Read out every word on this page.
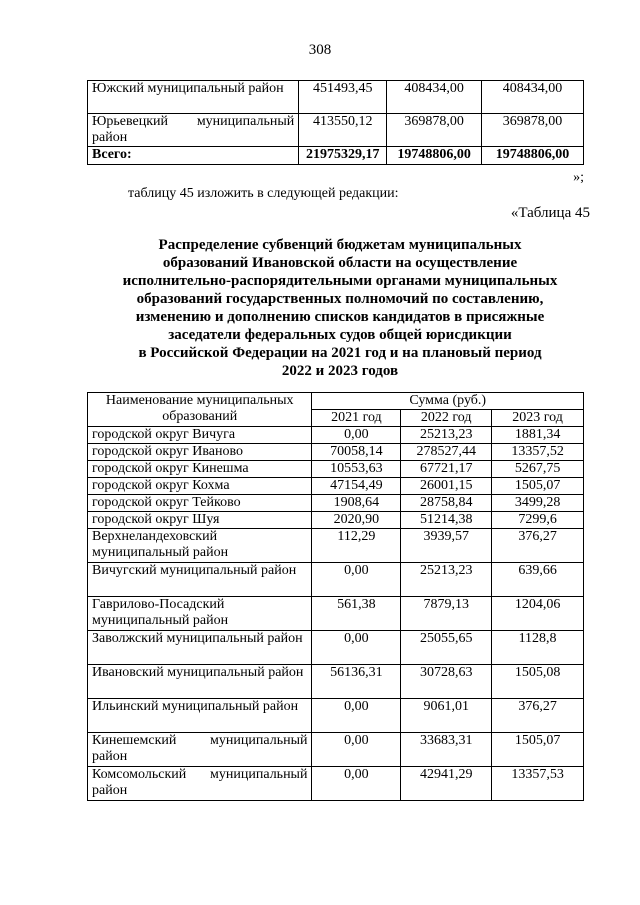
308
Южский муниципальный район	451493,45	408434,00	408434,00
Юрьевецкий муниципальный район	413550,12	369878,00	369878,00
Всего:	21975329,17	19748806,00	19748806,00
»;
таблицу 45 изложить в следующей редакции:
«Таблица 45
Распределение субвенций бюджетам муниципальных
образований Ивановской области на осуществление
исполнительно-распорядительными органами муниципальных
образований государственных полномочий по составлению,
изменению и дополнению списков кандидатов в присяжные
заседатели федеральных судов общей юрисдикции
в Российской Федерации на 2021 год и на плановый период
2022 и 2023 годов
Наименование муниципальных образований	Сумма (руб.)		
	2021 год	2022 год	2023 год
городской округ Вичуга	0,00	25213,23	1881,34
городской округ Иваново	70058,14	278527,44	13357,52
городской округ Кинешма	10553,63	67721,17	5267,75
городской округ Кохма	47154,49	26001,15	1505,07
городской округ Тейково	1908,64	28758,84	3499,28
городской округ Шуя	2020,90	51214,38	7299,6
Верхнеландеховский муниципальный район	112,29	3939,57	376,27
Вичугский муниципальный район	0,00	25213,23	639,66
Гаврилово-Посадский муниципальный район	561,38	7879,13	1204,06
Заволжский муниципальный район	0,00	25055,65	1128,8
Ивановский муниципальный район	56136,31	30728,63	1505,08
Ильинский муниципальный район	0,00	9061,01	376,27
Кинешемский муниципальный район	0,00	33683,31	1505,07
Комсомольский муниципальный район	0,00	42941,29	13357,53
